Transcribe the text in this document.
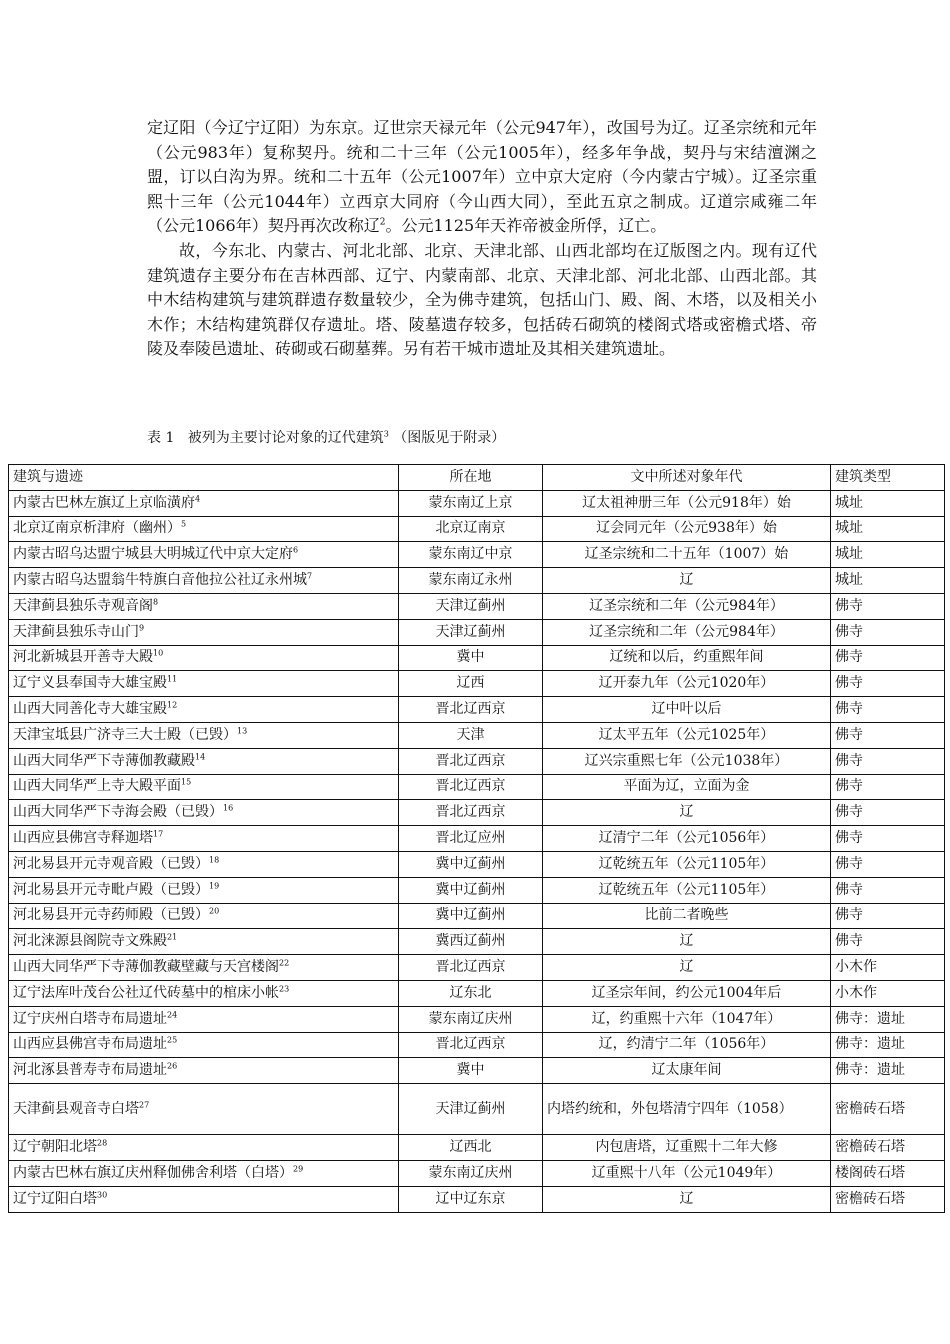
定辽阳（今辽宁辽阳）为东京。辽世宗天禄元年（公元947年），改国号为辽。辽圣宗统和元年（公元983年）复称契丹。统和二十三年（公元1005年），经多年争战，契丹与宋结澶渊之盟，订以白沟为界。统和二十五年（公元1007年）立中京大定府（今内蒙古宁城）。辽圣宗重熙十三年（公元1044年）立西京大同府（今山西大同），至此五京之制成。辽道宗咸雍二年（公元1066年）契丹再次改称辽$^2$。公元1125年天祚帝被金所俘，辽亡。

故，今东北、内蒙古、河北北部、北京、天津北部、山西北部均在辽版图之内。现有辽代建筑遗存主要分布在吉林西部、辽宁、内蒙南部、北京、天津北部、河北北部、山西北部。其中木结构建筑与建筑群遗存数量较少，全为佛寺建筑，包括山门、殿、阁、木塔，以及相关小木作；木结构建筑群仅存遗址。塔、陵墓遗存较多，包括砖石砌筑的楼阁式塔或密檐式塔、帝陵及奉陵邑遗址、砖砌或石砌墓葬。另有若干城市遗址及其相关建筑遗址。

表 1 被列为主要讨论对象的辽代建筑$^3$ （图版见于附录）
建筑与遗迹	所在地	文中所述对象年代	建筑类型
内蒙古巴林左旗辽上京临潢府$^4$	蒙东南辽上京	辽太祖神册三年（公元918年）始	城址
北京辽南京析津府（幽州）$^5$	北京辽南京	辽会同元年（公元938年）始	城址
内蒙古昭乌达盟宁城县大明城辽代中京大定府$^6$	蒙东南辽中京	辽圣宗统和二十五年（1007）始	城址
内蒙古昭乌达盟翁牛特旗白音他拉公社辽永州城$^7$	蒙东南辽永州	辽	城址
天津蓟县独乐寺观音阁$^8$	天津辽蓟州	辽圣宗统和二年（公元984年）	佛寺
天津蓟县独乐寺山门$^9$	天津辽蓟州	辽圣宗统和二年（公元984年）	佛寺
河北新城县开善寺大殿$^{10}$	冀中	辽统和以后，约重熙年间	佛寺
辽宁义县奉国寺大雄宝殿$^{11}$	辽西	辽开泰九年（公元1020年）	佛寺
山西大同善化寺大雄宝殿$^{12}$	晋北辽西京	辽中叶以后	佛寺
天津宝坻县广济寺三大士殿（已毁）$^{13}$	天津	辽太平五年（公元1025年）	佛寺
山西大同华严下寺薄伽教藏殿$^{14}$	晋北辽西京	辽兴宗重熙七年（公元1038年）	佛寺
山西大同华严上寺大殿平面$^{15}$	晋北辽西京	平面为辽，立面为金	佛寺
山西大同华严下寺海会殿（已毁）$^{16}$	晋北辽西京	辽	佛寺
山西应县佛宫寺释迦塔$^{17}$	晋北辽应州	辽清宁二年（公元1056年）	佛寺
河北易县开元寺观音殿（已毁）$^{18}$	冀中辽蓟州	辽乾统五年（公元1105年）	佛寺
河北易县开元寺毗卢殿（已毁）$^{19}$	冀中辽蓟州	辽乾统五年（公元1105年）	佛寺
河北易县开元寺药师殿（已毁）$^{20}$	冀中辽蓟州	比前二者晚些	佛寺
河北涞源县阁院寺文殊殿$^{21}$	冀西辽蓟州	辽	佛寺
山西大同华严下寺薄伽教藏壁藏与天宫楼阁$^{22}$	晋北辽西京	辽	小木作
辽宁法库叶茂台公社辽代砖墓中的棺床小帐$^{23}$	辽东北	辽圣宗年间，约公元1004年后	小木作
辽宁庆州白塔寺布局遗址$^{24}$	蒙东南辽庆州	辽，约重熙十六年（1047年）	佛寺：遗址
山西应县佛宫寺布局遗址$^{25}$	晋北辽西京	辽，约清宁二年（1056年）	佛寺：遗址
河北涿县普寿寺布局遗址$^{26}$	冀中	辽太康年间	佛寺：遗址
天津蓟县观音寺白塔$^{27}$	天津辽蓟州	内塔约统和，外包塔清宁四年（1058）	密檐砖石塔
辽宁朝阳北塔$^{28}$	辽西北	内包唐塔，辽重熙十二年大修	密檐砖石塔
内蒙古巴林右旗辽庆州释伽佛舍利塔（白塔）$^{29}$	蒙东南辽庆州	辽重熙十八年（公元1049年）	楼阁砖石塔
辽宁辽阳白塔$^{30}$	辽中辽东京	辽	密檐砖石塔
